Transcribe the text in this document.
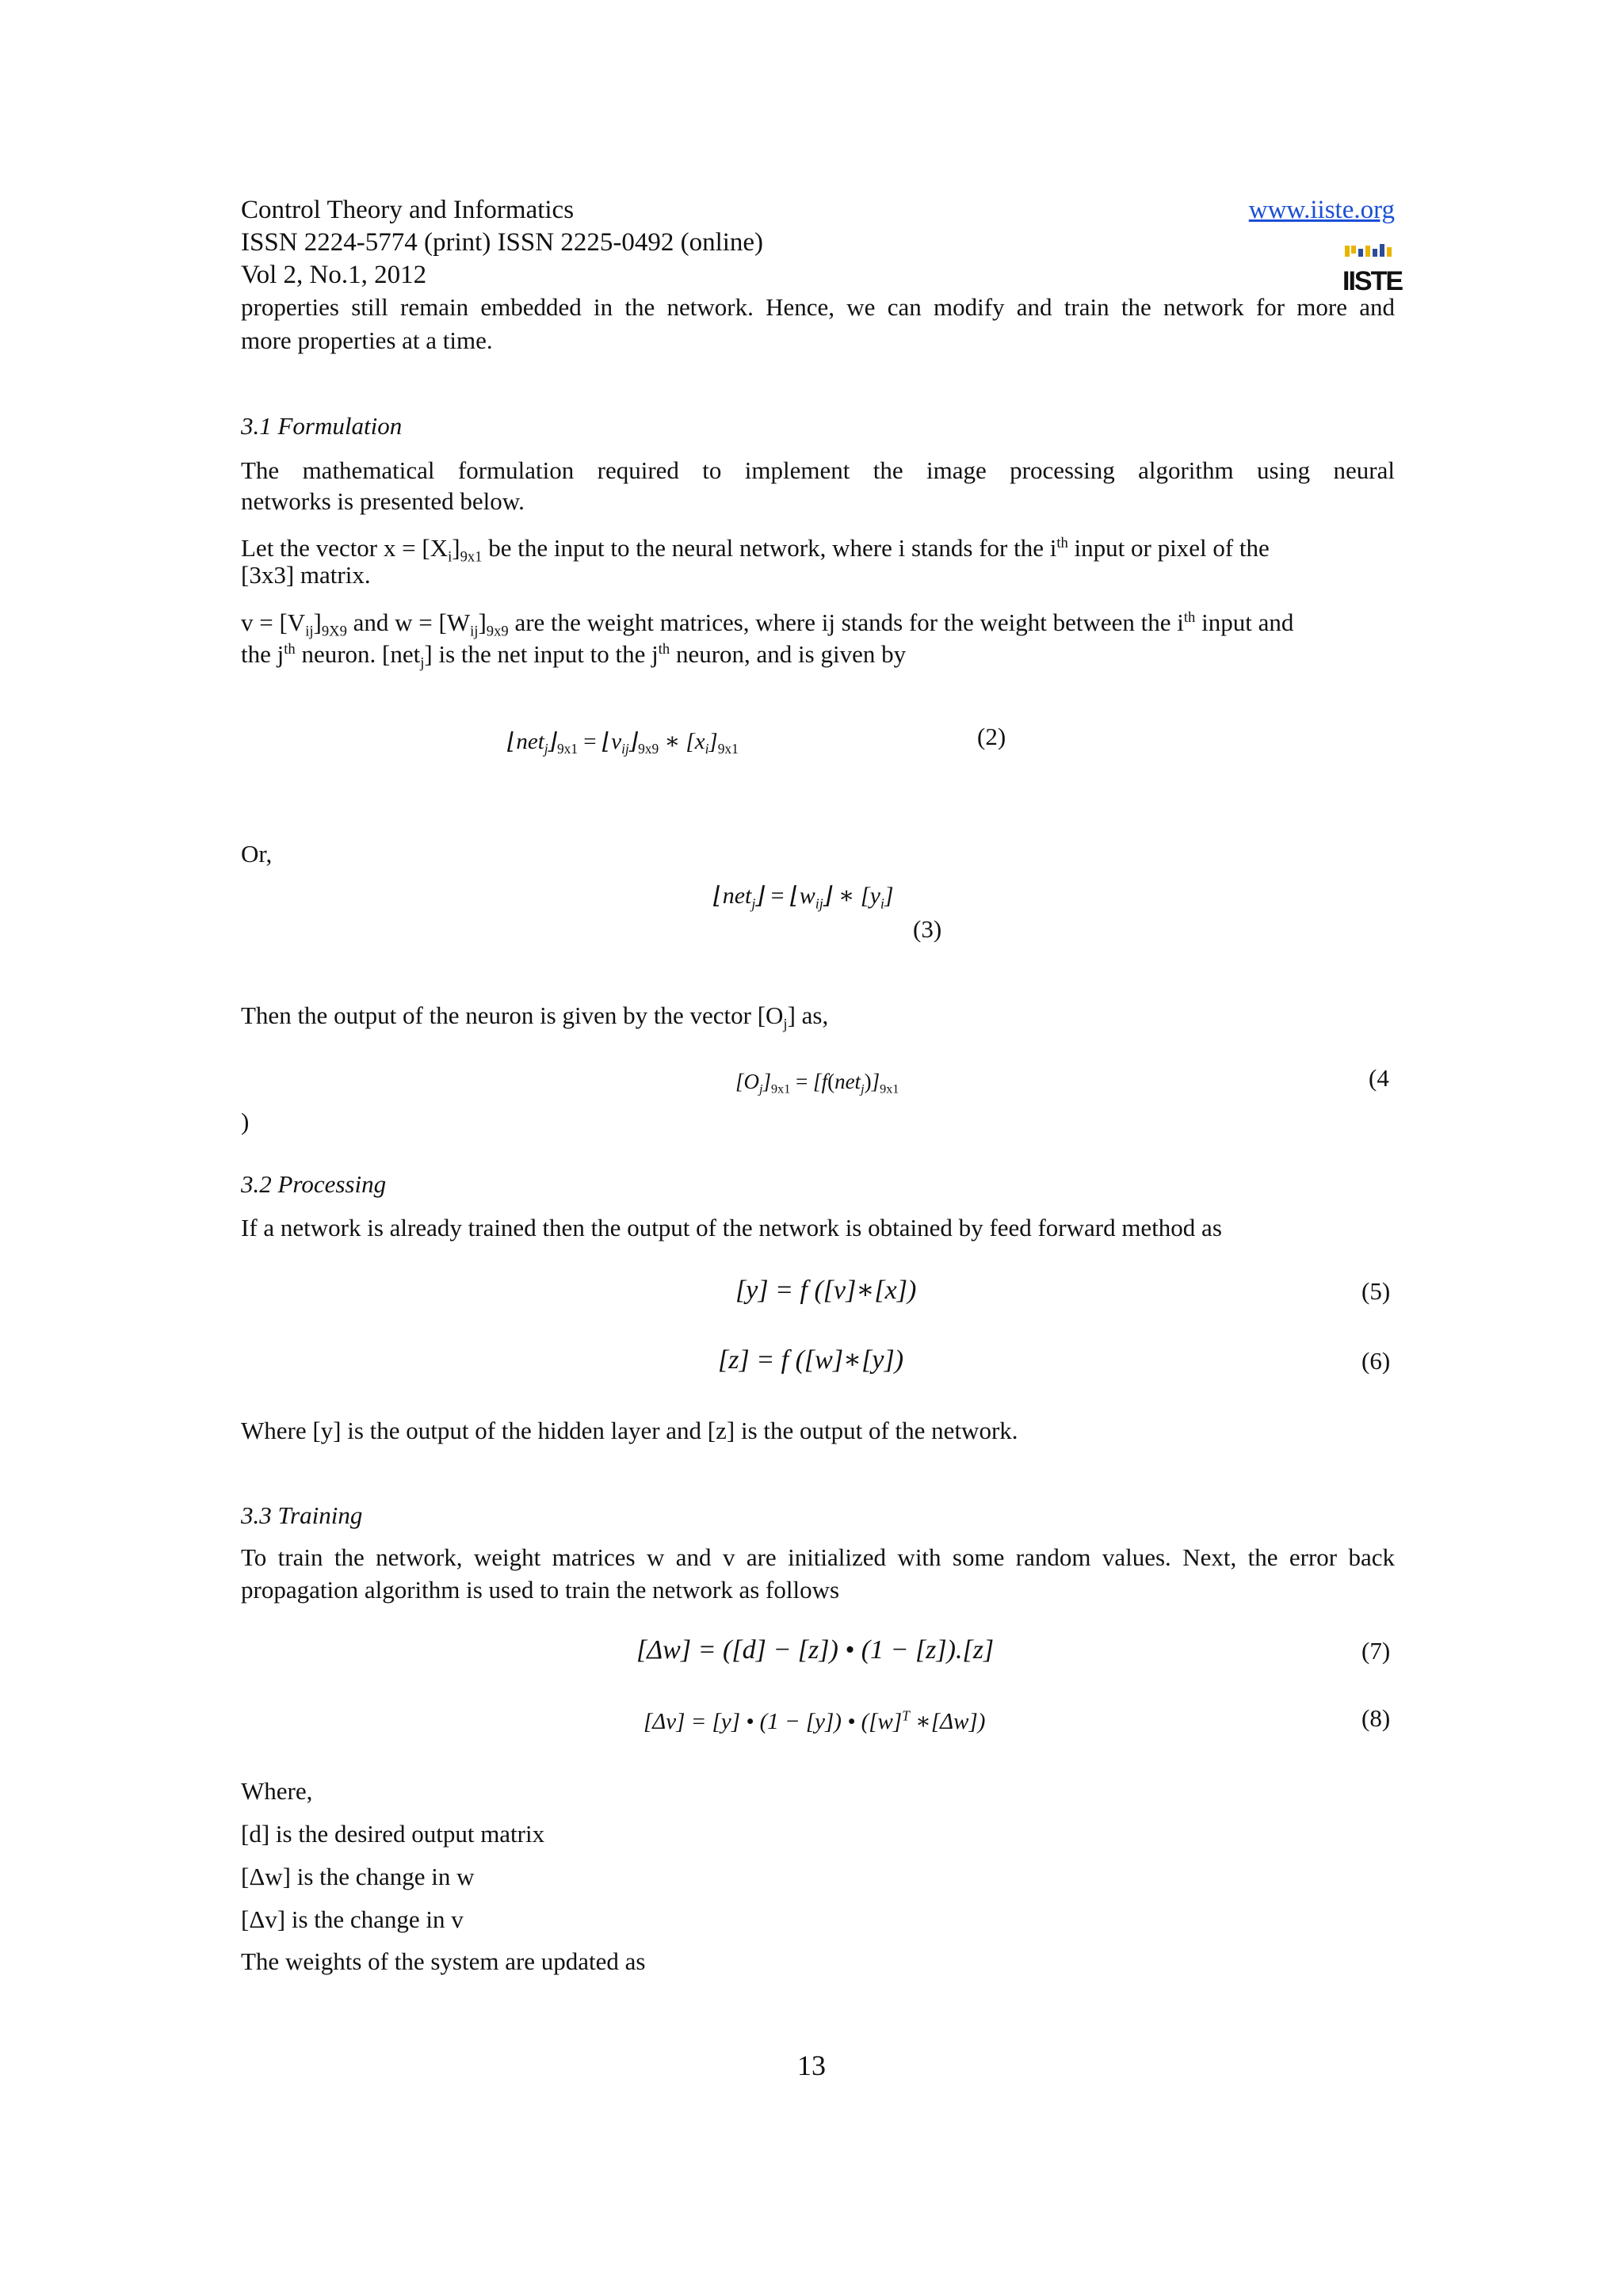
Control Theory and Informatics	www.iiste.org
ISSN 2224-5774 (print) ISSN 2225-0492 (online)
Vol 2, No.1, 2012	IISTE
properties still remain embedded in the network. Hence, we can modify and train the network for more and
more properties at a time.
3.1 Formulation
The mathematical formulation required to implement the image processing algorithm using neural
networks is presented below.
Let the vector $x = [X_i]_{9x1}$ be the input to the neural network, where i stands for the $i^{th}$ input or pixel of the
[3x3] matrix.
$v = [V_{ij}]_{9X9}$ and $w = [W_{ij}]_{9x9}$ are the weight matrices, where ij stands for the weight between the $i^{th}$ input and
the $j^{th}$ neuron. [net$_j$] is the net input to the $j^{th}$ neuron, and is given by
$⌊net_j⌋_{9x1}$ = $⌊v_{ij}⌋_{9x9}$ ∗ $[x_i]_{9x1}$	(2)
Or,
⌊net$_j$⌋ = $⌊w_{ij}⌋$ ∗ $[y_i]$
(3)
Then the output of the neuron is given by the vector $[O_j]$ as,
$[O_j]_{9x1} = [f(net_j)]_{9x1}$	(4
)
3.2 Processing
If a network is already trained then the output of the network is obtained by feed forward method as
[y] = f ([v]∗[x])	(5)
[z] = f ([w]∗[y])	(6)
Where [y] is the output of the hidden layer and [z] is the output of the network.
3.3 Training
To train the network, weight matrices w and v are initialized with some random values. Next, the error back
propagation algorithm is used to train the network as follows
[Δw] = ([d] − [z]) • (1 − [z]).[z]	(7)
[Δv] = [y] • (1 − [y]) • ($[w]^T$ ∗[Δw])	(8)
Where,
[d] is the desired output matrix
[Δw] is the change in w
[Δv] is the change in v
The weights of the system are updated as
13
